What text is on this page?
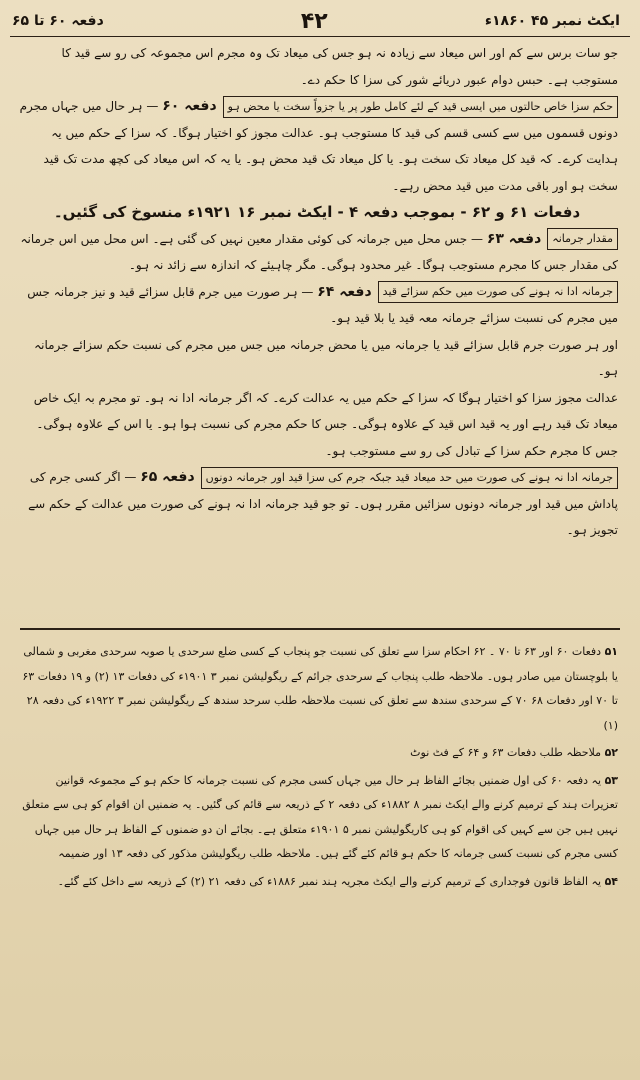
دفعہ ۶۰ تا ۶۵	۴۲	ایکٹ نمبر ۴۵ ۱۸۶۰ء

جو سات برس سے کم اور اس میعاد سے زیادہ نہ ہو جس کی میعاد تک وہ مجرم اس مجموعہ کی رو سے قید کا مستوجب ہے۔ حبس دوام عبور دریائے شور کی سزا کا حکم دے۔

حکم سزا خاص حالتوں میں ایسی قید کے لئے کامل طور پر یا جزواً سخت یا محض ہودفعہ ۶۰ — ہر حال میں جہاں مجرم دونوں قسموں میں سے کسی قسم کی قید کا مستوجب ہو۔ عدالت مجوز کو اختیار ہوگا۔ کہ سزا کے حکم میں یہ ہدایت کرے۔ کہ قید کل میعاد تک سخت ہو۔ یا کل میعاد تک قید محض ہو۔ یا یہ کہ اس میعاد کی کچھ مدت تک قید سخت ہو اور باقی مدت میں قید محض رہے۔

دفعات ۶۱ و ۶۲ - بموجب دفعہ ۴ - ایکٹ نمبر ۱۶ ۱۹۲۱ء منسوخ کی گئیں۔

مقدار جرمانہدفعہ ۶۳ — جس محل میں جرمانہ کی کوئی مقدار معین نہیں کی گئی ہے۔ اس محل میں اس جرمانہ کی مقدار جس کا مجرم مستوجب ہوگا۔ غیر محدود ہوگی۔ مگر چاہیئے کہ اندازہ سے زائد نہ ہو۔

جرمانہ ادا نہ ہونے کی صورت میں حکم سزائے قیددفعہ ۶۴ — ہر صورت میں جرم قابل سزائے قید و نیز جرمانہ جس میں مجرم کی نسبت سزائے جرمانہ معہ قید یا بلا قید ہو۔

اور ہر صورت جرم قابل سزائے قید یا جرمانہ میں یا محض جرمانہ میں جس میں مجرم کی نسبت حکم سزائے جرمانہ ہو۔

عدالت مجوز سزا کو اختیار ہوگا کہ سزا کے حکم میں یہ عدالت کرے۔ کہ اگر جرمانہ ادا نہ ہو۔ تو مجرم بہ ایک خاص میعاد تک قید رہے اور یہ قید اس قید کے علاوہ ہوگی۔ جس کا حکم مجرم کی نسبت ہوا ہو۔ یا اس کے علاوہ ہوگی۔ جس کا مجرم حکم سزا کے تبادل کی رو سے مستوجب ہو۔

جرمانہ ادا نہ ہونے کی صورت میں حد میعاد قید جبکہ جرم کی سزا قید اور جرمانہ دونوںدفعہ ۶۵ — اگر کسی جرم کی پاداش میں قید اور جرمانہ دونوں سزائیں مقرر ہوں۔ تو جو قید جرمانہ ادا نہ ہونے کی صورت میں عدالت کے حکم سے تجویز ہو۔

۵۱ دفعات ۶۰ اور ۶۳ تا ۷۰ ۔ ۶۲ احکام سزا سے تعلق کی نسبت جو پنجاب کے کسی ضلع سرحدی یا صوبہ سرحدی مغربی و شمالی یا بلوچستان میں صادر ہوں۔ ملاحظہ طلب پنجاب کے سرحدی جرائم کے ریگولیشن نمبر ۳ ۱۹۰۱ء کی دفعات ۱۳ (۲) و ۱۹ دفعات ۶۳ تا ۷۰ اور دفعات ۶۸ ۷۰ کے سرحدی سندھ سے تعلق کی نسبت ملاحظہ طلب سرحد سندھ کے ریگولیشن نمبر ۳ ۱۹۲۲ء کی دفعہ ۲۸ (۱)

۵۲ ملاحظہ طلب دفعات ۶۳ و ۶۴ کے فٹ نوٹ

۵۳ یہ دفعہ ۶۰ کی اول ضمنیں بجائے الفاظ ہر حال میں جہاں کسی مجرم کی نسبت جرمانہ کا حکم ہو کے مجموعہ قوانین تعزیرات ہند کے ترمیم کرنے والے ایکٹ نمبر ۸ ۱۸۸۲ء کی دفعہ ۲ کے ذریعہ سے قائم کی گئیں۔ یہ ضمنیں ان اقوام کو ہی سے متعلق نہیں ہیں جن سے کہیں کی اقوام کو ہی کاریگولیشن نمبر ۵ ۱۹۰۱ء متعلق ہے۔ بجائے ان دو ضمنوں کے الفاظ ہر حال میں جہاں کسی مجرم کی نسبت کسی جرمانہ کا حکم ہو قائم کئے گئے ہیں۔ ملاحظہ طلب ریگولیشن مذکور کی دفعہ ۱۳ اور ضمیمہ

۵۴ یہ الفاظ قانون فوجداری کے ترمیم کرنے والے ایکٹ مجریہ ہند نمبر ۱۸۸۶ء کی دفعہ ۲۱ (۲) کے ذریعہ سے داخل کئے گئے۔
